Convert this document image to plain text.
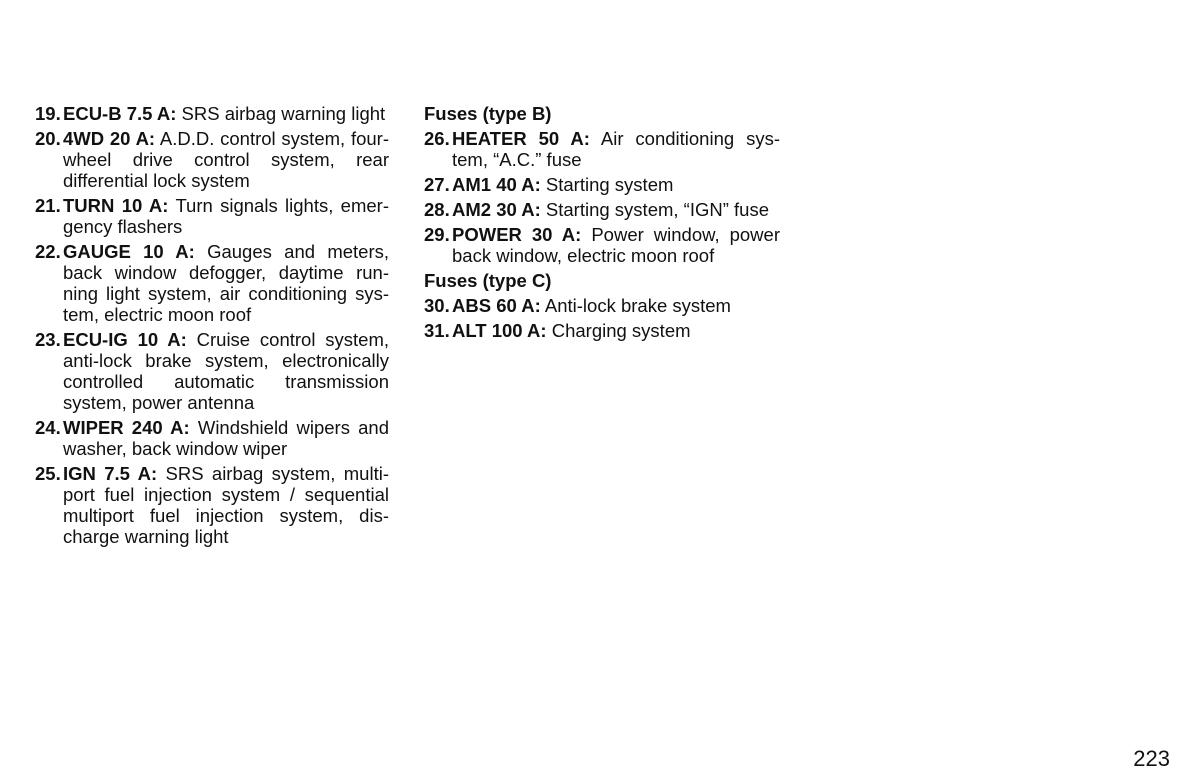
19. ECU-B 7.5 A: SRS airbag warning light
20. 4WD 20 A: A.D.D. control system, four-wheel drive control system, rear differential lock system
21. TURN 10 A: Turn signals lights, emer-gency flashers
22. GAUGE 10 A: Gauges and meters, back window defogger, daytime run-ning light system, air conditioning sys-tem, electric moon roof
23. ECU-IG 10 A: Cruise control system, anti-lock brake system, electronically controlled automatic transmission system, power antenna
24. WIPER 240 A: Windshield wipers and washer, back window wiper
25. IGN 7.5 A: SRS airbag system, multi-port fuel injection system / sequential multiport fuel injection system, dis-charge warning light
Fuses (type B)
26. HEATER 50 A: Air conditioning sys-tem, “A.C.” fuse
27. AM1 40 A: Starting system
28. AM2 30 A: Starting system, “IGN” fuse
29. POWER 30 A: Power window, power back window, electric moon roof
Fuses (type C)
30. ABS 60 A: Anti-lock brake system
31. ALT 100 A: Charging system
223
